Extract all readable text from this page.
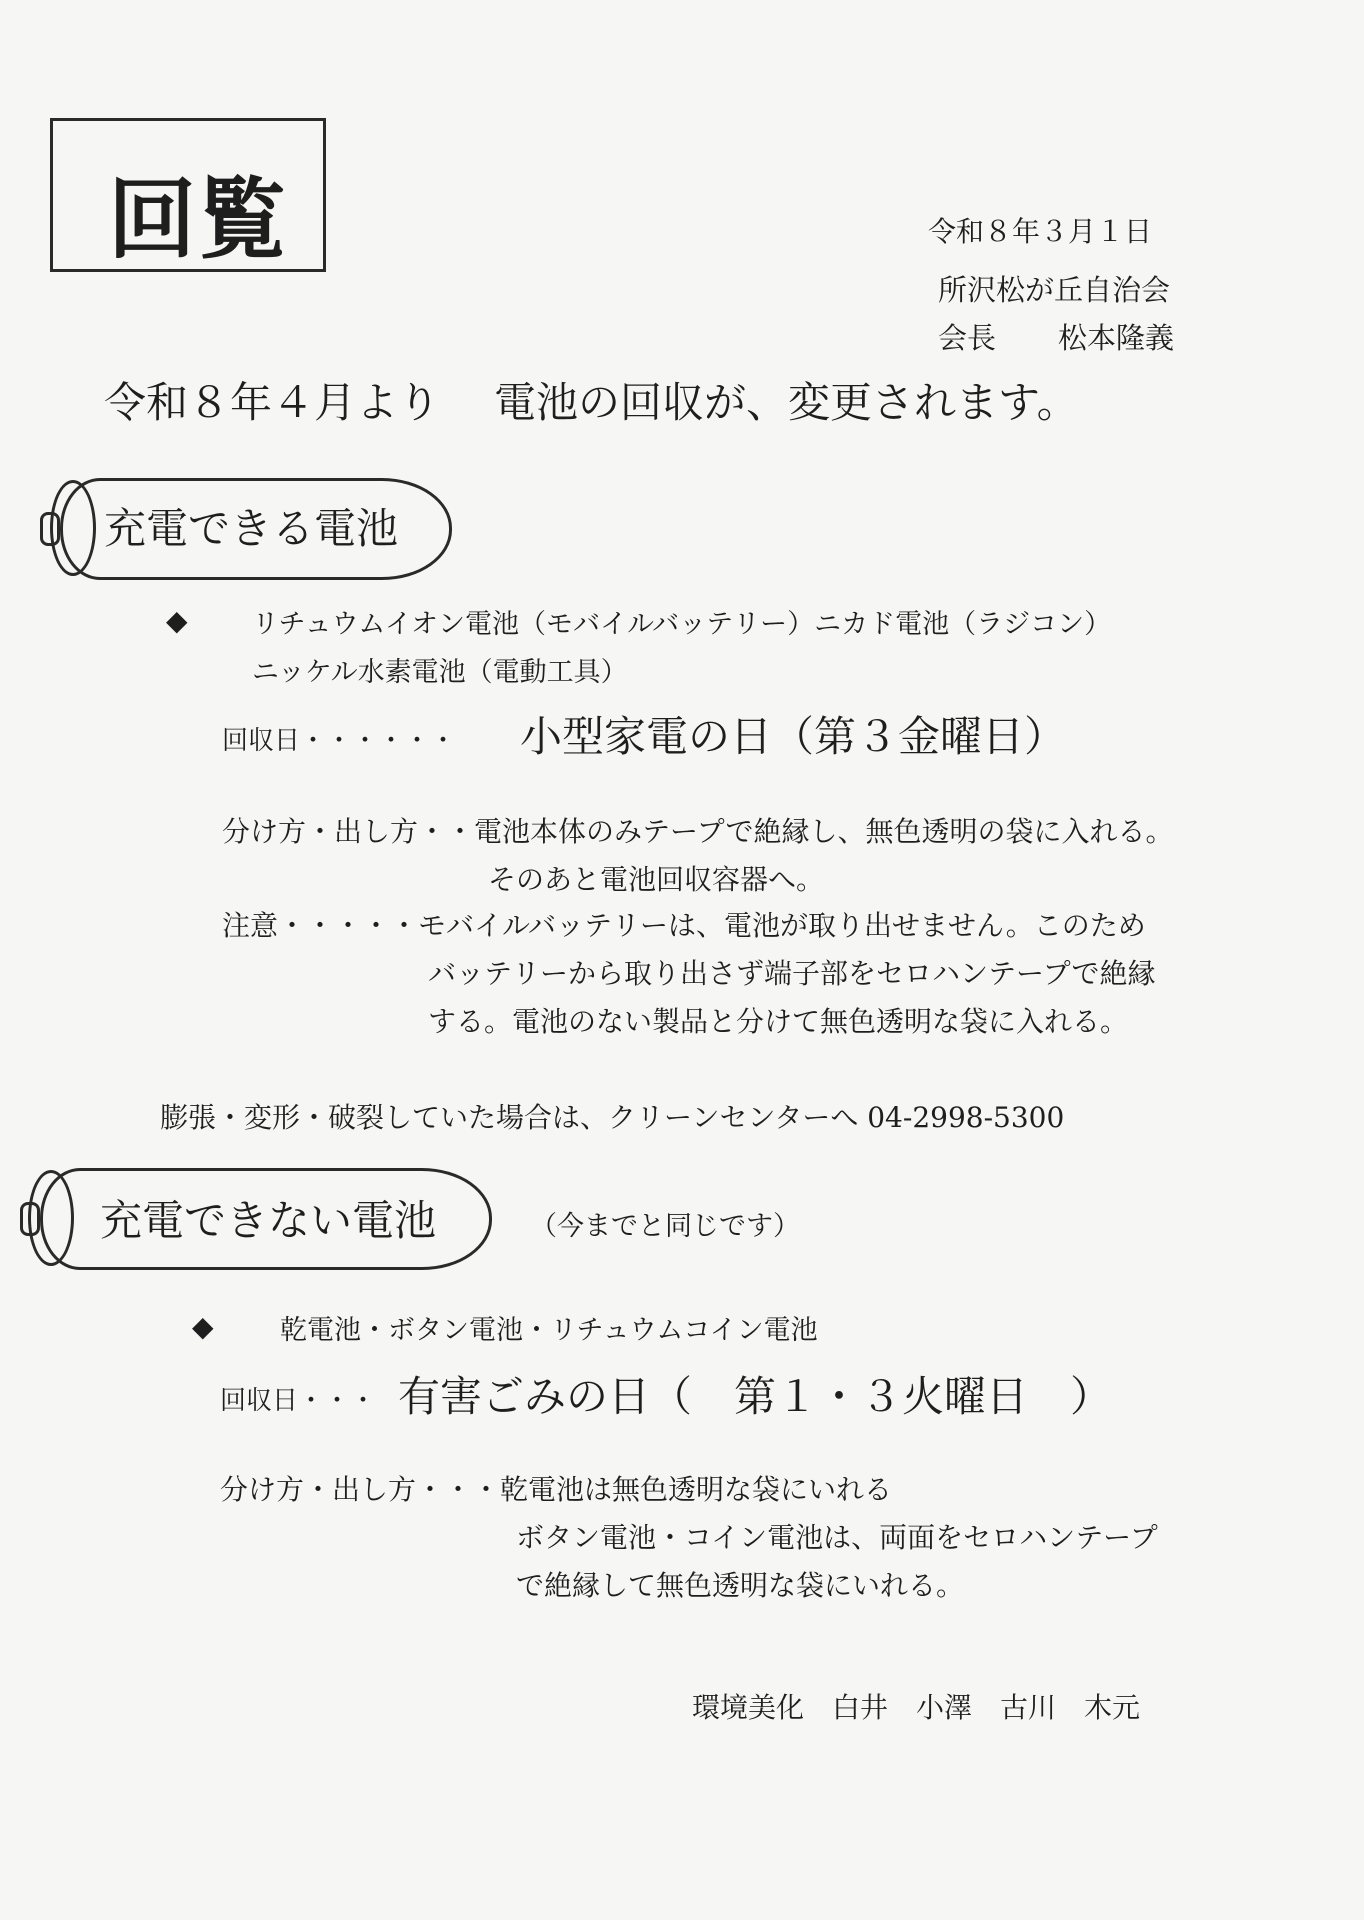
回覧	令和８年３月１日
所沢松が丘自治会
会長 松本隆義
令和８年４月より 電池の回収が、変更されます。
充電できる電池
◆ リチュウムイオン電池（モバイルバッテリー）ニカド電池（ラジコン）
ニッケル水素電池（電動工具）
回収日・・・・・・ 小型家電の日（第３金曜日）
分け方・出し方・・電池本体のみテープで絶縁し、無色透明の袋に入れる。
そのあと電池回収容器へ。
注意・・・・・モバイルバッテリーは、電池が取り出せません。このため
バッテリーから取り出さず端子部をセロハンテープで絶縁
する。電池のない製品と分けて無色透明な袋に入れる。
膨張・変形・破裂していた場合は、クリーンセンターへ 04-2998-5300
充電できない電池	（今までと同じです）
◆ 乾電池・ボタン電池・リチュウムコイン電池
回収日・・・ 有害ごみの日（　第１・３火曜日　）
分け方・出し方・・・乾電池は無色透明な袋にいれる
ボタン電池・コイン電池は、両面をセロハンテープ
で絶縁して無色透明な袋にいれる。
環境美化　白井　小澤　古川　木元
